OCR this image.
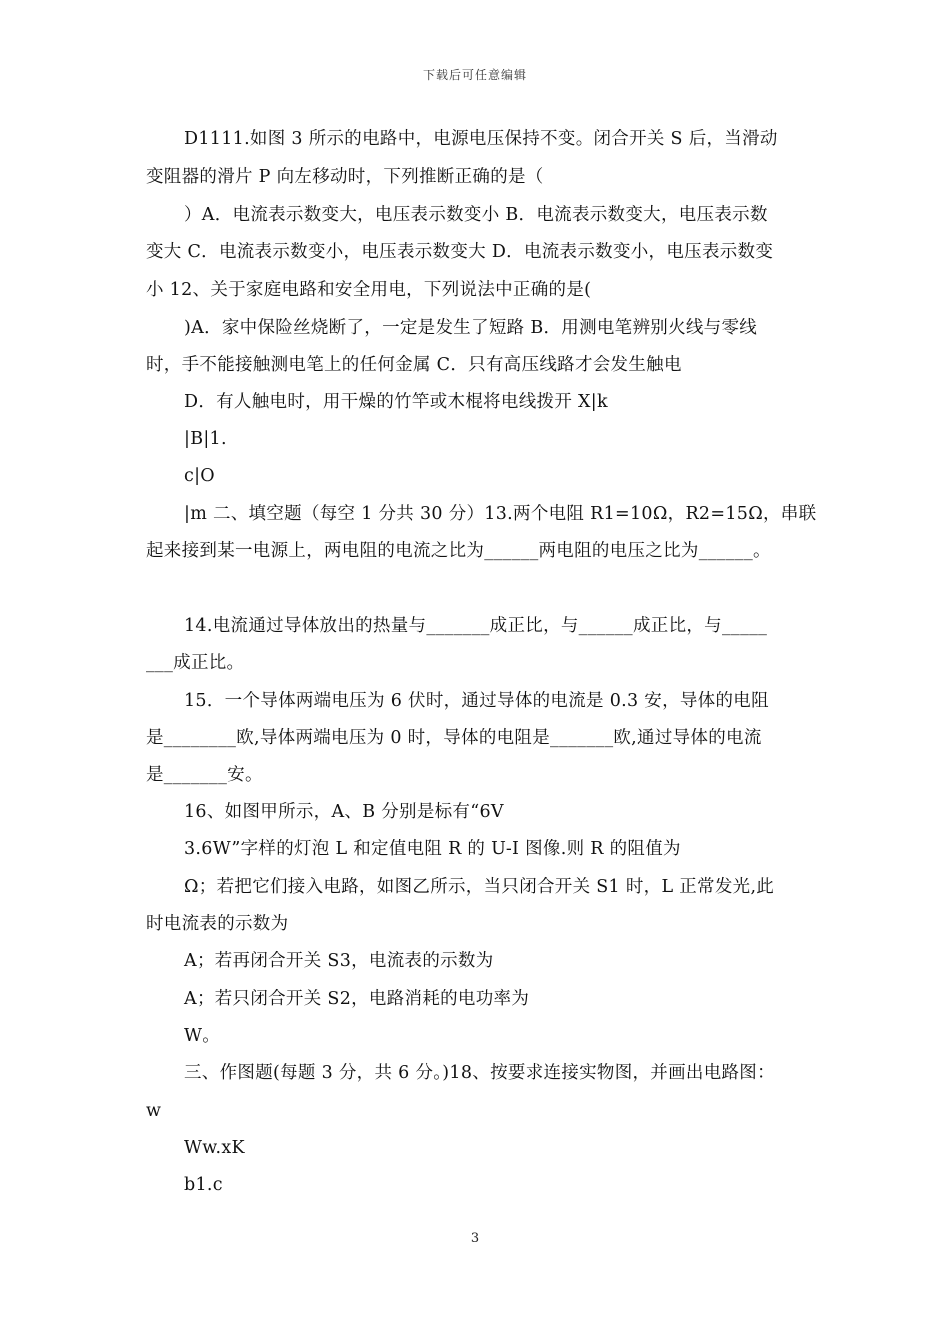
下载后可任意编辑
D1111.如图 3 所示的电路中，电源电压保持不变。闭合开关 S 后，当滑动
变阻器的滑片 P 向左移动时，下列推断正确的是（
）A．电流表示数变大，电压表示数变小 B．电流表示数变大，电压表示数
变大 C．电流表示数变小，电压表示数变大 D．电流表示数变小，电压表示数变
小 12、关于家庭电路和安全用电，下列说法中正确的是(
)A．家中保险丝烧断了，一定是发生了短路 B．用测电笔辨别火线与零线
时，手不能接触测电笔上的任何金属 C．只有高压线路才会发生触电
D．有人触电时，用干燥的竹竿或木棍将电线拨开 X|k
|B|1.
c|O
|m 二、填空题（每空 1 分共 30 分）13.两个电阻 R1=10Ω，R2=15Ω，串联
起来接到某一电源上，两电阻的电流之比为______两电阻的电压之比为______。
14.电流通过导体放出的热量与_______成正比，与______成正比，与_____
___成正比。
15．一个导体两端电压为 6 伏时，通过导体的电流是 0.3 安，导体的电阻
是________欧,导体两端电压为 0 时，导体的电阻是_______欧,通过导体的电流
是_______安。
16、如图甲所示，A、B 分别是标有“6V
3.6W”字样的灯泡 L 和定值电阻 R 的 U-I 图像.则 R 的阻值为
Ω；若把它们接入电路，如图乙所示，当只闭合开关 S1 时，L 正常发光,此
时电流表的示数为
A；若再闭合开关 S3，电流表的示数为
A；若只闭合开关 S2，电路消耗的电功率为
W。
三、作图题(每题 3 分，共 6 分。)18、按要求连接实物图，并画出电路图：
w
Ww.xK
b1.c
3
